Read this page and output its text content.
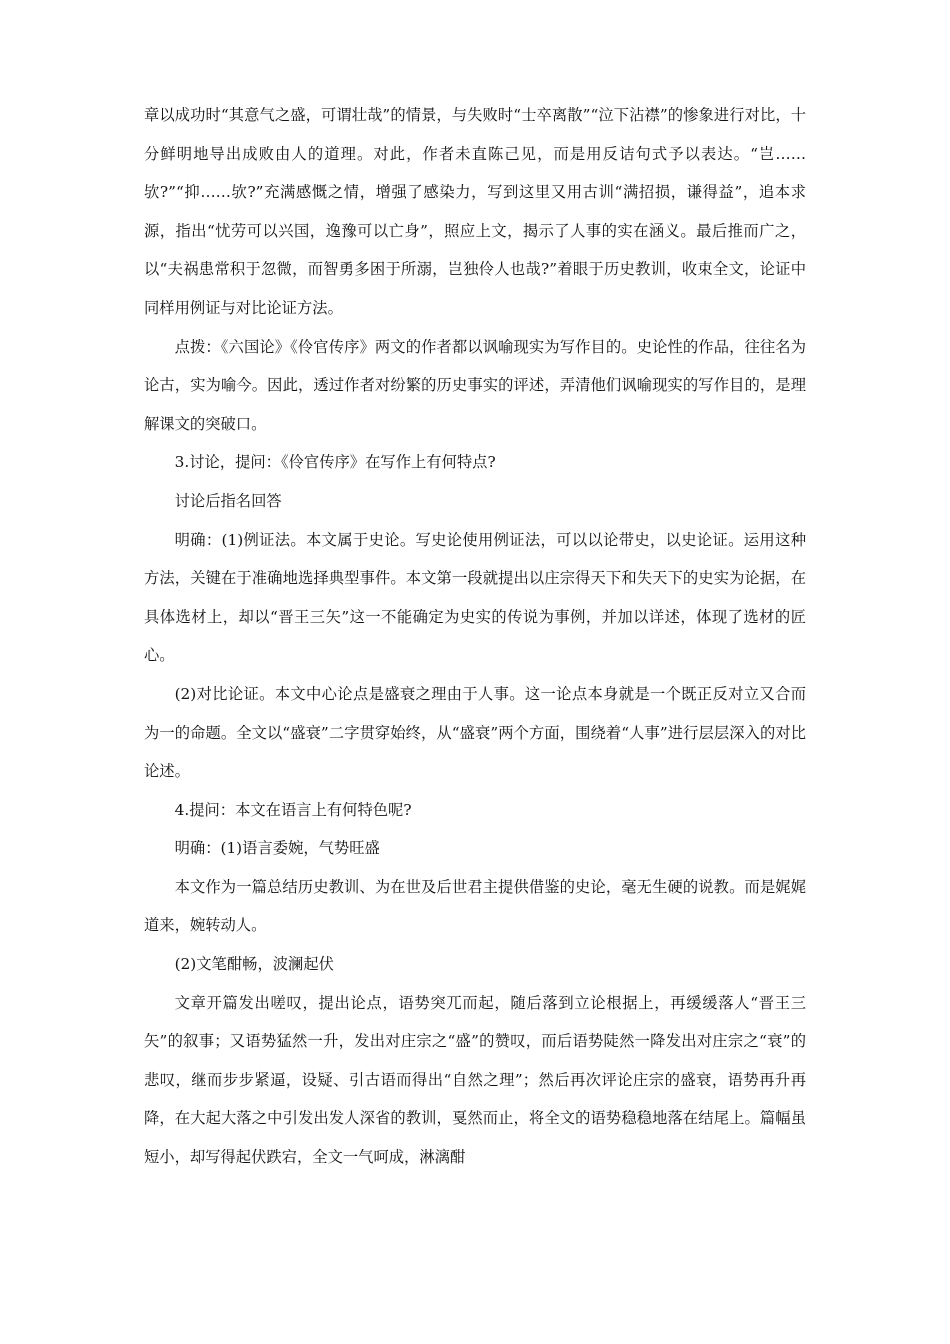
章以成功时“其意气之盛，可谓壮哉”的情景，与失败时“士卒离散”“泣下沾襟”的惨象进行对比，十分鲜明地导出成败由人的道理。对此，作者未直陈己见，而是用反诘句式予以表达。“岂……欤?”“抑……欤?”充满感慨之情，增强了感染力，写到这里又用古训“满招损，谦得益”，追本求源，指出“忧劳可以兴国，逸豫可以亡身”，照应上文，揭示了人事的实在涵义。最后推而广之，以“夫祸患常积于忽微，而智勇多困于所溺，岂独伶人也哉?”着眼于历史教训，收束全文，论证中同样用例证与对比论证方法。

点拨：《六国论》《伶官传序》两文的作者都以讽喻现实为写作目的。史论性的作品，往往名为论古，实为喻今。因此，透过作者对纷繁的历史事实的评述，弄清他们讽喻现实的写作目的，是理解课文的突破口。

3.讨论，提问：《伶官传序》在写作上有何特点?

讨论后指名回答

明确：(1)例证法。本文属于史论。写史论使用例证法，可以以论带史，以史论证。运用这种方法，关键在于准确地选择典型事件。本文第一段就提出以庄宗得天下和失天下的史实为论据，在具体选材上，却以“晋王三矢”这一不能确定为史实的传说为事例，并加以详述，体现了选材的匠心。

(2)对比论证。本文中心论点是盛衰之理由于人事。这一论点本身就是一个既正反对立又合而为一的命题。全文以“盛衰”二字贯穿始终，从“盛衰”两个方面，围绕着“人事”进行层层深入的对比论述。

4.提问：本文在语言上有何特色呢?

明确：(1)语言委婉，气势旺盛

本文作为一篇总结历史教训、为在世及后世君主提供借鉴的史论，毫无生硬的说教。而是娓娓道来，婉转动人。

(2)文笔酣畅，波澜起伏

文章开篇发出嗟叹，提出论点，语势突兀而起，随后落到立论根据上，再缓缓落人“晋王三矢”的叙事；又语势猛然一升，发出对庄宗之“盛”的赞叹，而后语势陡然一降发出对庄宗之“衰”的悲叹，继而步步紧逼，设疑、引古语而得出“自然之理”；然后再次评论庄宗的盛衰，语势再升再降，在大起大落之中引发出发人深省的教训，戛然而止，将全文的语势稳稳地落在结尾上。篇幅虽短小，却写得起伏跌宕，全文一气呵成，淋漓酣
